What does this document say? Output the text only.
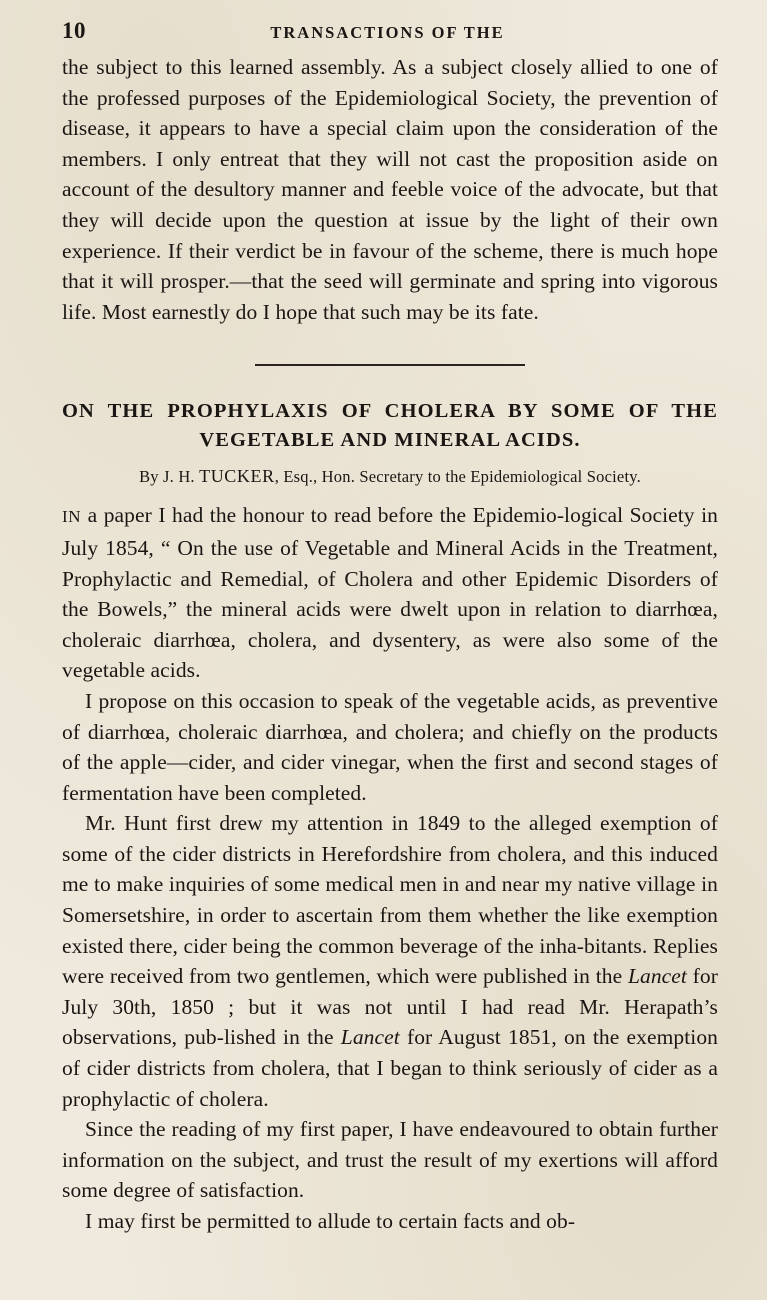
10	TRANSACTIONS OF THE

the subject to this learned assembly. As a subject closely allied to one of the professed purposes of the Epidemiological Society, the prevention of disease, it appears to have a special claim upon the consideration of the members. I only entreat that they will not cast the proposition aside on account of the desultory manner and feeble voice of the advocate, but that they will decide upon the question at issue by the light of their own experience. If their verdict be in favour of the scheme, there is much hope that it will prosper.—that the seed will germinate and spring into vigorous life. Most earnestly do I hope that such may be its fate.

ON THE PROPHYLAXIS OF CHOLERA BY SOME OF THE
VEGETABLE AND MINERAL ACIDS.
By J. H. TUCKER, Esq., Hon. Secretary to the Epidemiological Society.

IN a paper I had the honour to read before the Epidemio-logical Society in July 1854, “ On the use of Vegetable and Mineral Acids in the Treatment, Prophylactic and Remedial, of Cholera and other Epidemic Disorders of the Bowels,” the mineral acids were dwelt upon in relation to diarrhœa, choleraic diarrhœa, cholera, and dysentery, as were also some of the vegetable acids.

I propose on this occasion to speak of the vegetable acids, as preventive of diarrhœa, choleraic diarrhœa, and cholera; and chiefly on the products of the apple—cider, and cider vinegar, when the first and second stages of fermentation have been completed.

Mr. Hunt first drew my attention in 1849 to the alleged exemption of some of the cider districts in Herefordshire from cholera, and this induced me to make inquiries of some medical men in and near my native village in Somersetshire, in order to ascertain from them whether the like exemption existed there, cider being the common beverage of the inha-bitants. Replies were received from two gentlemen, which were published in the Lancet for July 30th, 1850 ; but it was not until I had read Mr. Herapath’s observations, pub-lished in the Lancet for August 1851, on the exemption of cider districts from cholera, that I began to think seriously of cider as a prophylactic of cholera.

Since the reading of my first paper, I have endeavoured to obtain further information on the subject, and trust the result of my exertions will afford some degree of satisfaction.

I may first be permitted to allude to certain facts and ob-
